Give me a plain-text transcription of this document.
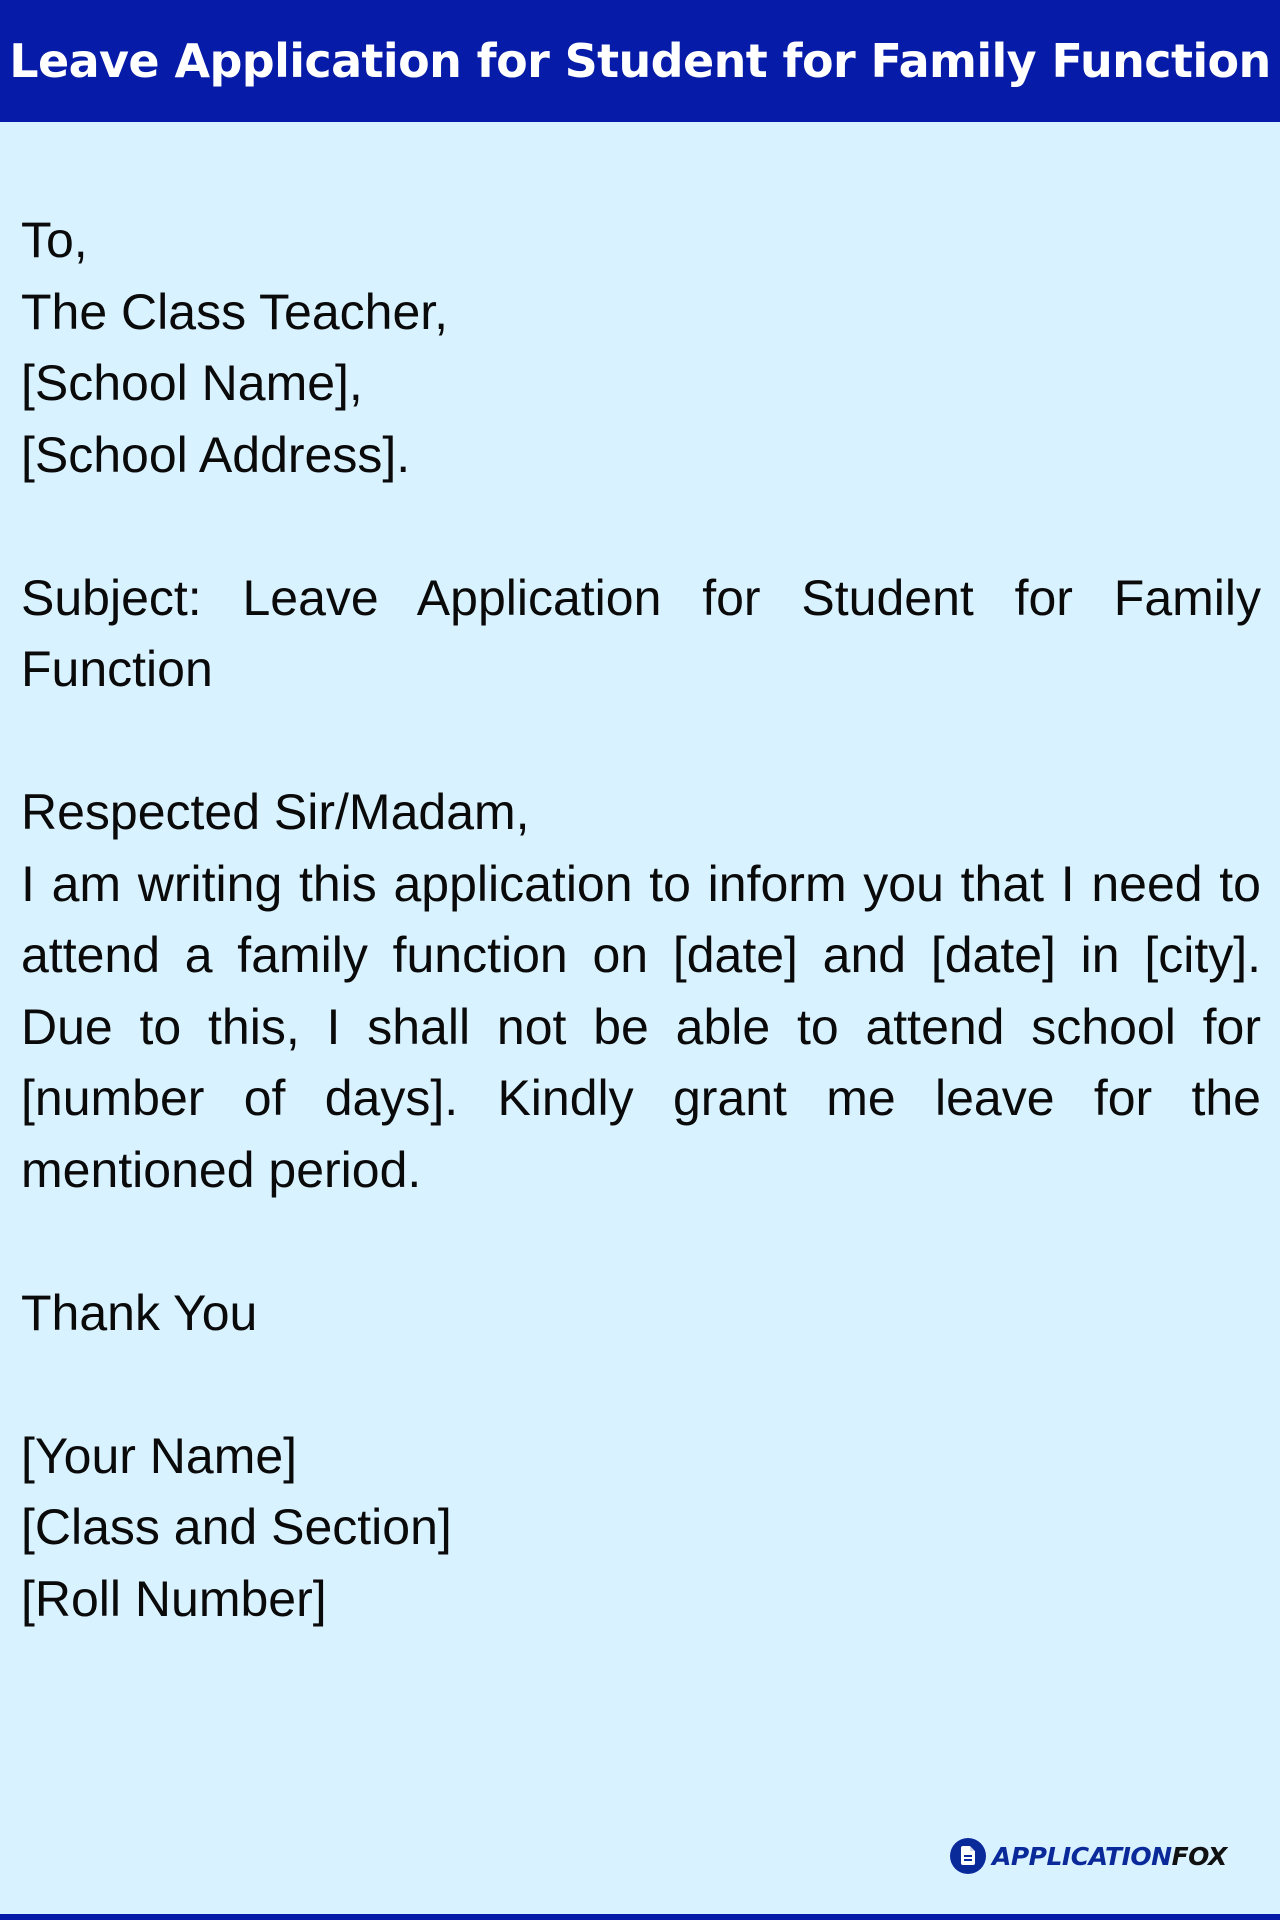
Leave Application for Student for Family Function
To,
The Class Teacher,
[School Name],
[School Address].
Subject: Leave Application for Student for Family Function
Respected Sir/Madam,
I am writing this application to inform you that I need to attend a family function on [date] and [date] in [city]. Due to this, I shall not be able to attend school for [number of days]. Kindly grant me leave for the mentioned period.
Thank You
[Your Name]
[Class and Section]
[Roll Number]
APPLICATIONFOX
